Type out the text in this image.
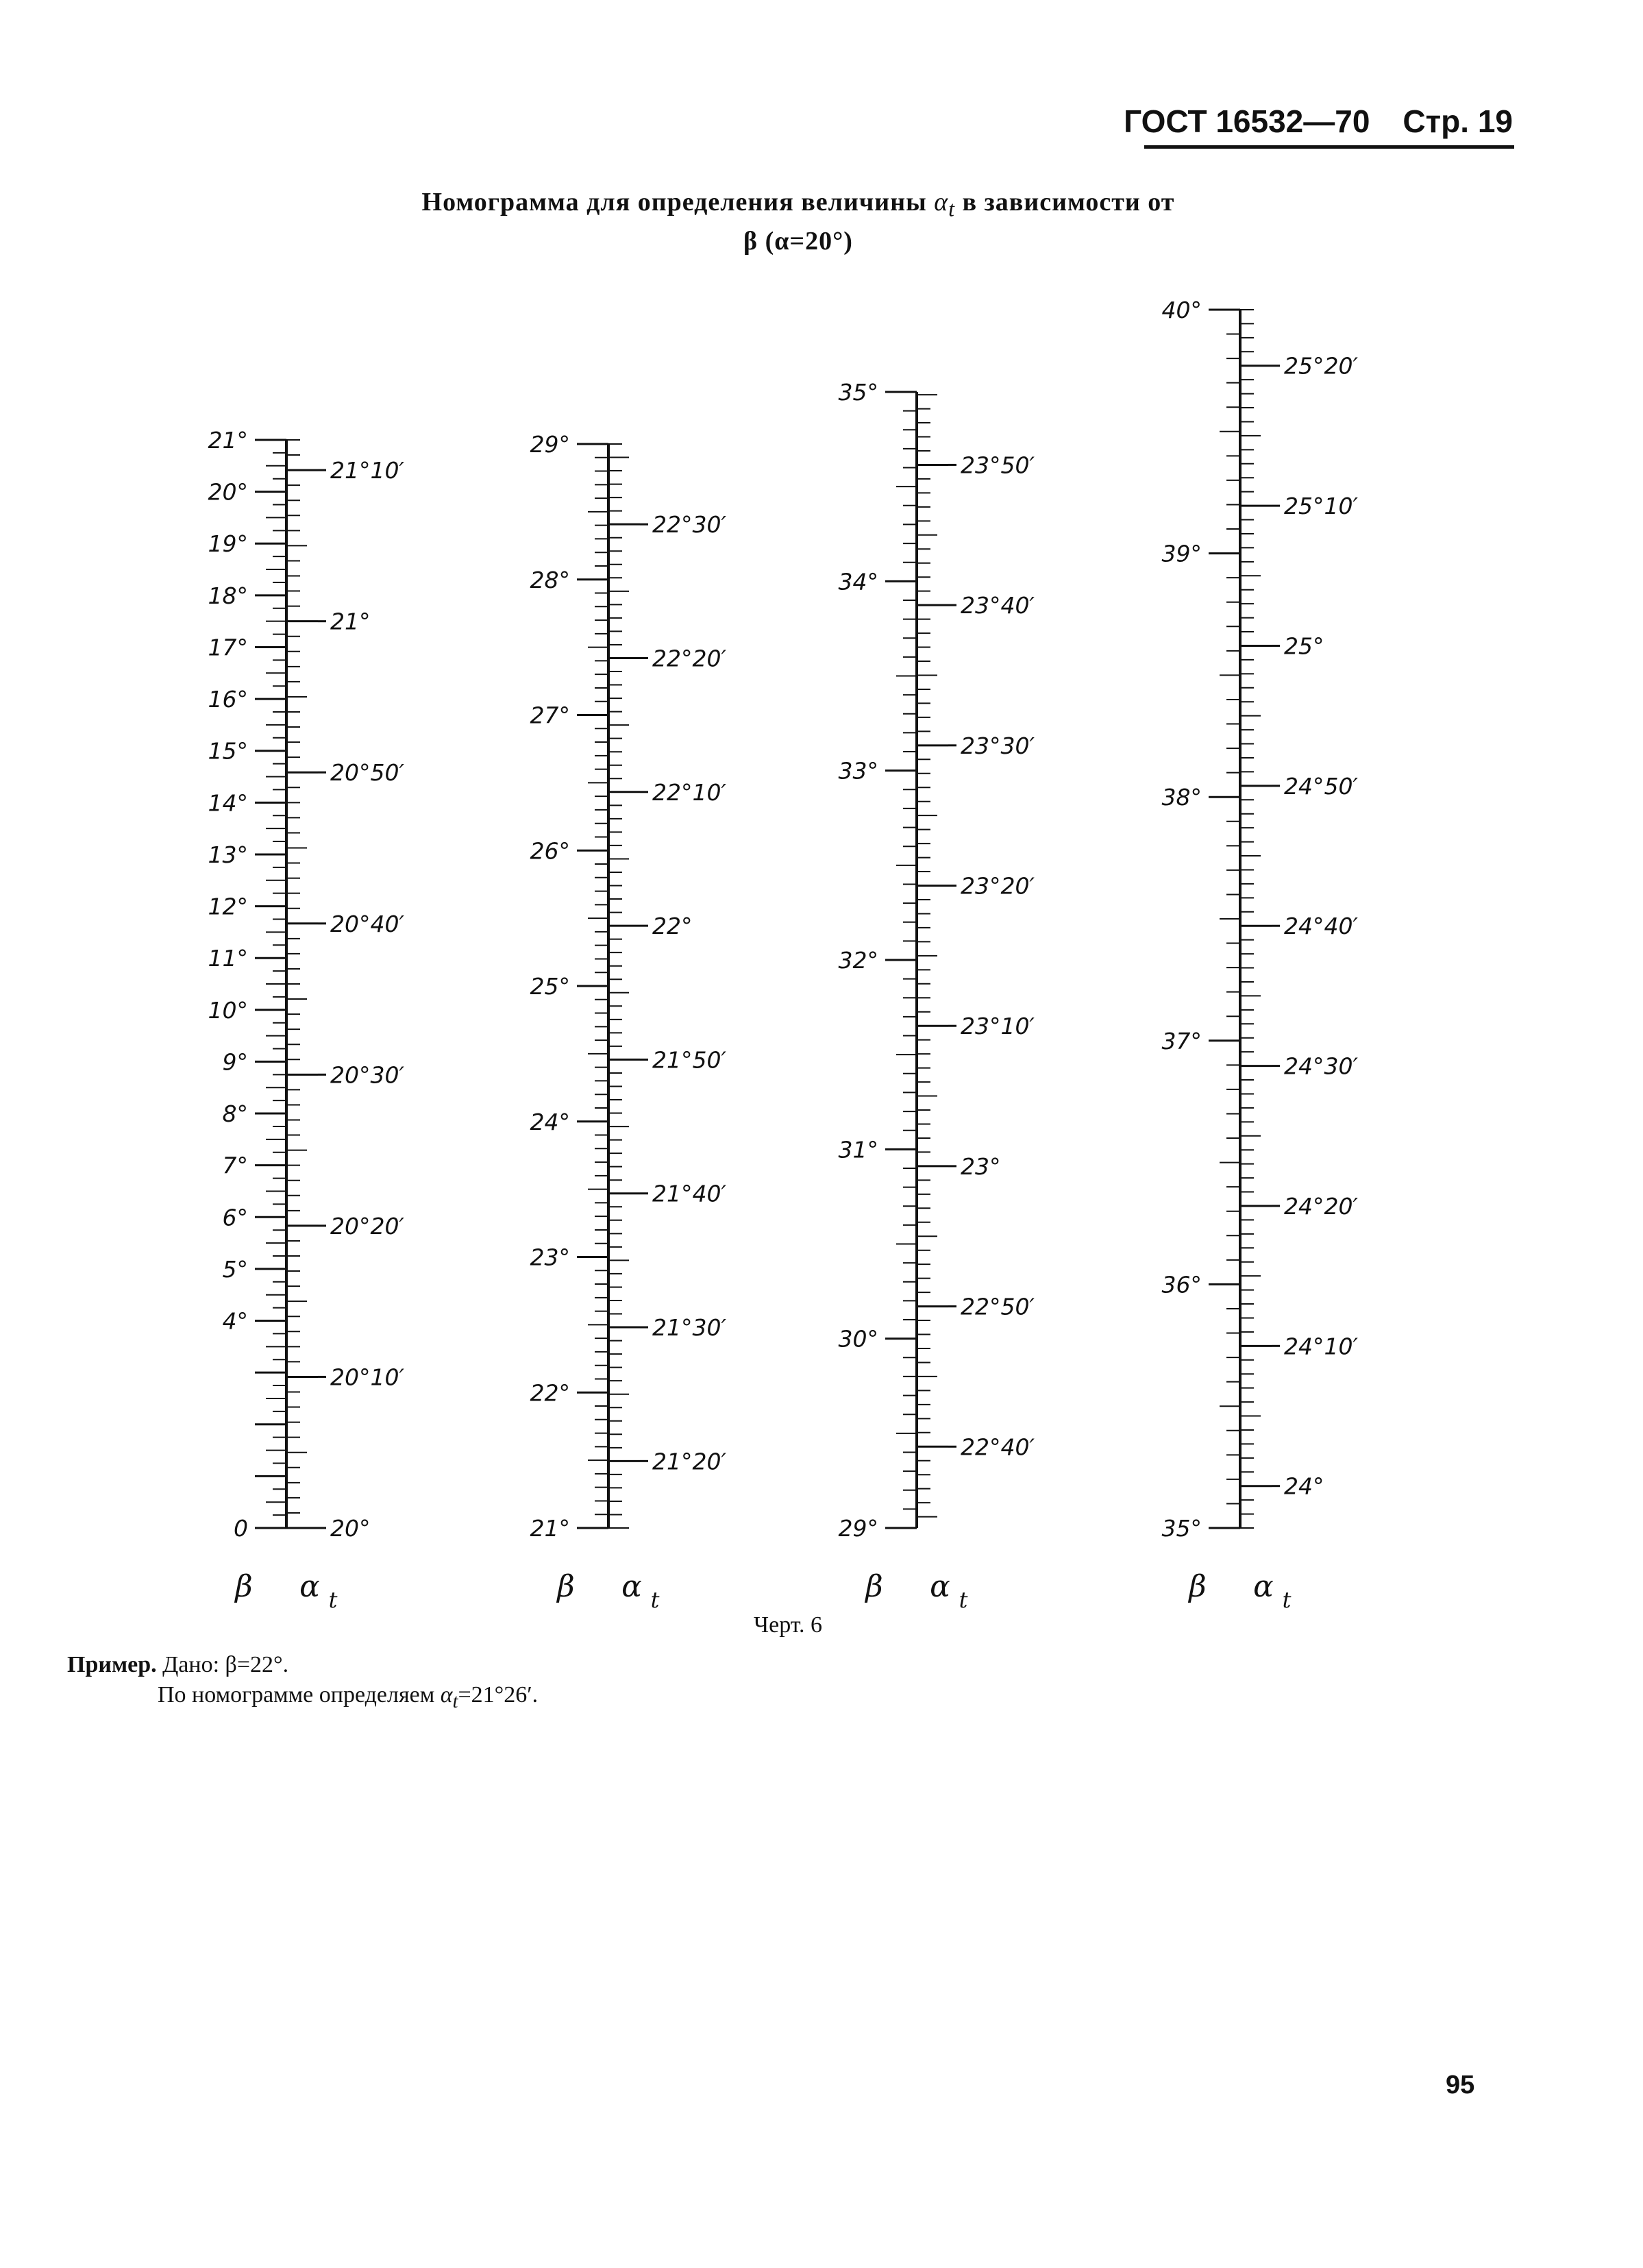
ГОСТ 16532—70 Стр. 19
Номограмма для определения величины $\alpha_t$ в зависимости от
β (α=20°)
0
4°
5°
6°
7°
8°
9°
10°
11°
12°
13°
14°
15°
16°
17°
18°
19°
20°
21°
20°
20°10′
20°20′
20°30′
20°40′
20°50′
21°
21°10′
β α t
21°
22°
23°
24°
25°
26°
27°
28°
29°
21°20′
21°30′
21°40′
21°50′
22°
22°10′
22°20′
22°30′
β α t
29°
30°
31°
32°
33°
34°
35°
22°40′
22°50′
23°
23°10′
23°20′
23°30′
23°40′
23°50′
β α t
35°
36°
37°
38°
39°
40°
24°
24°10′
24°20′
24°30′
24°40′
24°50′
25°
25°10′
25°20′
β α t
Черт. 6
Пример. Дано: β=22°.
По номограмме определяем $\alpha_t=21^\circ 26'$.
95
